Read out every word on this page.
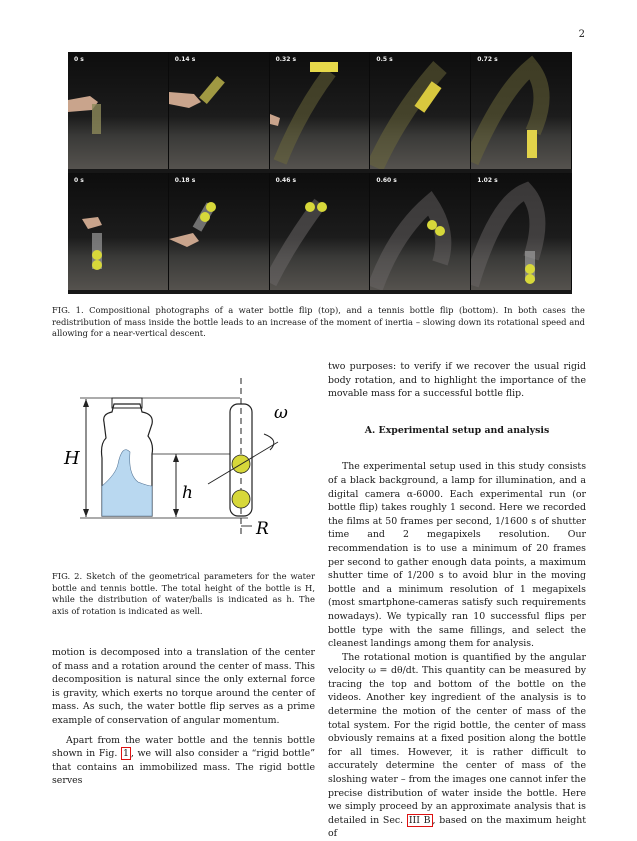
2
0 s	0.14 s	0.32 s	0.5 s	0.72 s
0 s	0.18 s	0.46 s	0.60 s	1.02 s
FIG. 1. Compositional photographs of a water bottle flip (top), and a tennis bottle flip (bottom). In both cases the redistribution of mass inside the bottle leads to an increase of the moment of inertia – slowing down its rotational speed and allowing for a near-vertical descent.
H
h
ω
R
FIG. 2. Sketch of the geometrical parameters for the water bottle and tennis bottle. The total height of the bottle is H, while the distribution of water/balls is indicated as h. The axis of rotation is indicated as well.

motion is decomposed into a translation of the center of mass and a rotation around the center of mass. This decomposition is natural since the only external force is gravity, which exerts no torque around the center of mass. As such, the water bottle flip serves as a prime example of conservation of angular momentum.

Apart from the water bottle and the tennis bottle shown in Fig. 1 , we will also consider a “rigid bottle” that contains an immobilized mass. The rigid bottle serves

two purposes: to verify if we recover the usual rigid body rotation, and to highlight the importance of the movable mass for a successful bottle flip.

A. Experimental setup and analysis

The experimental setup used in this study consists of a black background, a lamp for illumination, and a digital camera α-6000. Each experimental run (or bottle flip) takes roughly 1 second. Here we recorded the films at 50 frames per second, 1/1600 s of shutter time and 2 megapixels resolution. Our recommendation is to use a minimum of 20 frames per second to gather enough data points, a maximum shutter time of 1/200 s to avoid blur in the moving bottle and a minimum resolution of 1 megapixels (most smartphone-cameras satisfy such requirements nowadays). We typically ran 10 successful flips per bottle type with the same fillings, and select the cleanest landings among them for analysis.

The rotational motion is quantified by the angular velocity ω = dθ/dt. This quantity can be measured by tracing the top and bottom of the bottle on the videos. Another key ingredient of the analysis is to determine the motion of the center of mass of the total system. For the rigid bottle, the center of mass obviously remains at a fixed position along the bottle for all times. However, it is rather difficult to accurately determine the center of mass of the sloshing water – from the images one cannot infer the precise distribution of water inside the bottle. Here we simply proceed by an approximate analysis that is detailed in Sec. III B , based on the maximum height of
